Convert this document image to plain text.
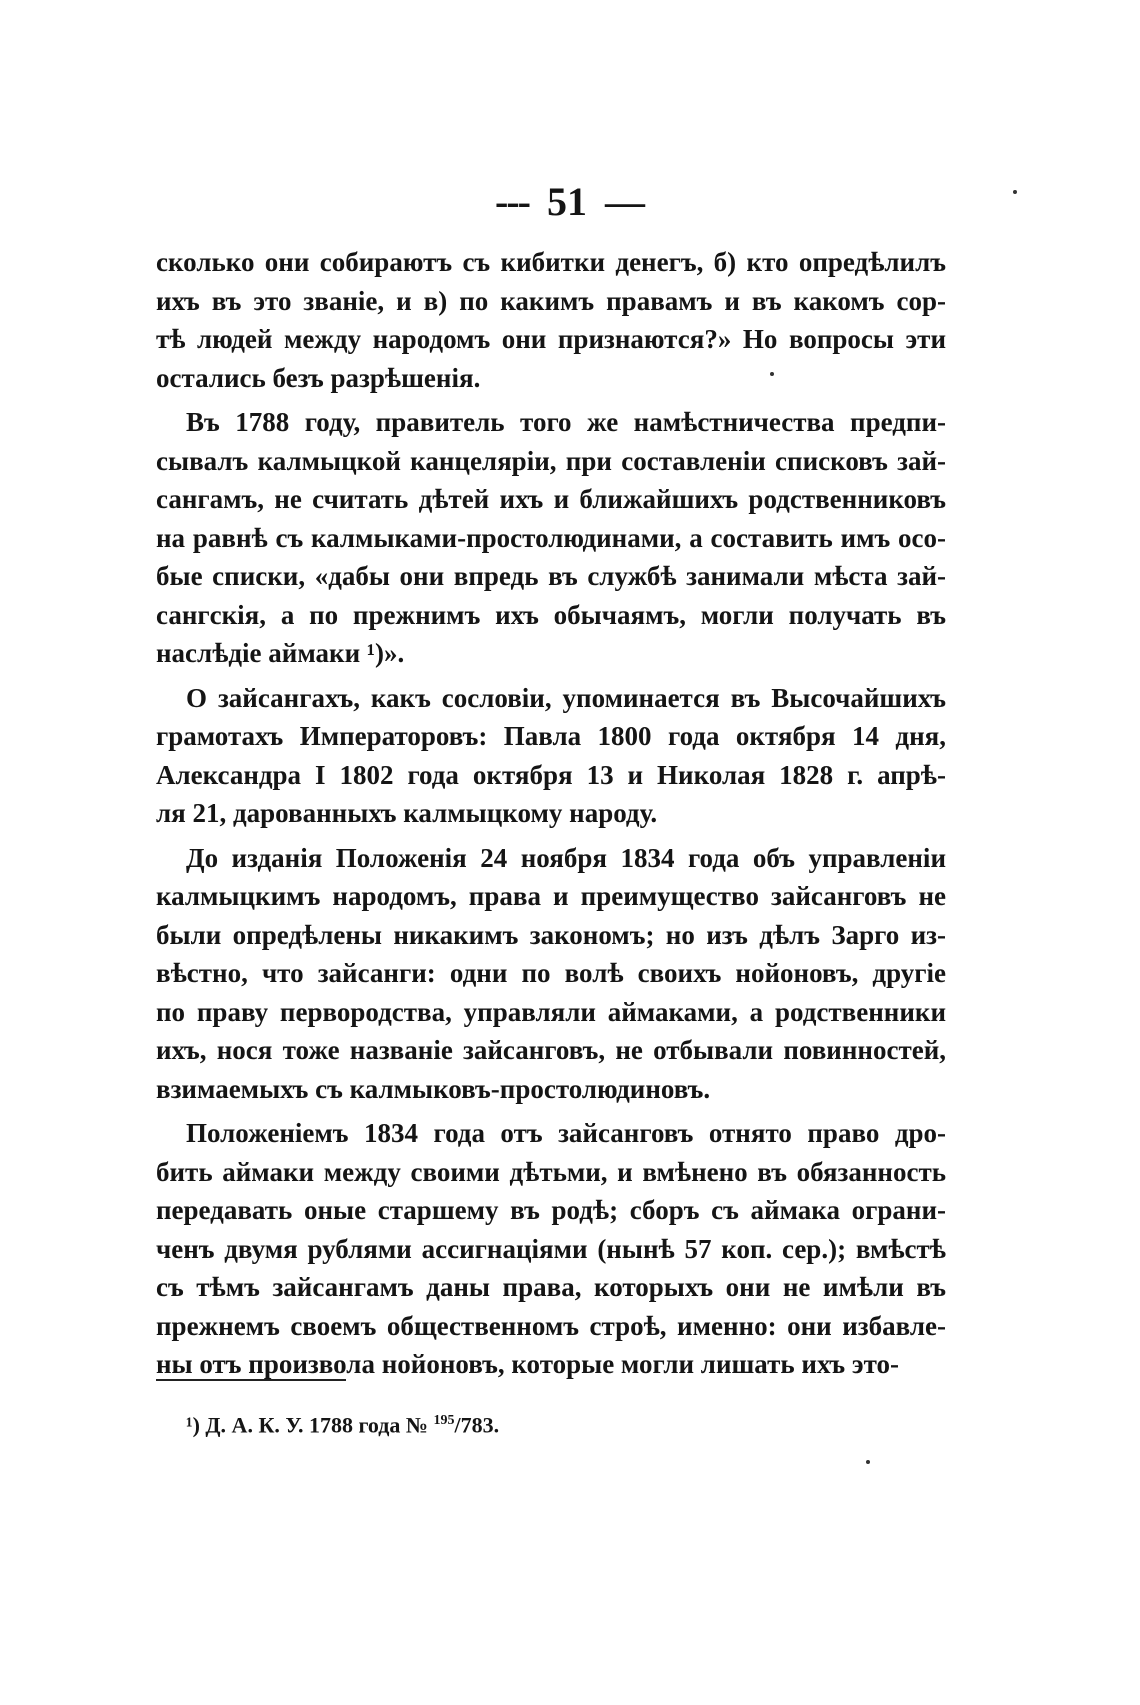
--- 51 —
сколько они собираютъ съ кибитки денегъ, б) кто опредѣлилъ
ихъ въ это званіе, и в) по какимъ правамъ и въ какомъ сор-
тѣ людей между народомъ они признаются?» Но вопросы эти
остались безъ разрѣшенія.
Въ 1788 году, правитель того же намѣстничества предпи-
сывалъ калмыцкой канцеляріи, при составленіи списковъ зай-
сангамъ, не считать дѣтей ихъ и ближайшихъ родственниковъ
на равнѣ съ калмыками-простолюдинами, а составить имъ осо-
бые списки, «дабы они впредь въ службѣ занимали мѣста зай-
сангскія, а по прежнимъ ихъ обычаямъ, могли получать въ
наслѣдіе аймаки ¹)».
О зайсангахъ, какъ сословіи, упоминается въ Высочайшихъ
грамотахъ Императоровъ: Павла 1800 года октября 14 дня,
Александра I 1802 года октября 13 и Николая 1828 г. апрѣ-
ля 21, дарованныхъ калмыцкому народу.
До изданія Положенія 24 ноября 1834 года объ управленіи
калмыцкимъ народомъ, права и преимущество зайсанговъ не
были опредѣлены никакимъ закономъ; но изъ дѣлъ Зарго из-
вѣстно, что зайсанги: одни по волѣ своихъ нойоновъ, другіе
по праву первородства, управляли аймаками, а родственники
ихъ, нося тоже названіе зайсанговъ, не отбывали повинностей,
взимаемыхъ съ калмыковъ-простолюдиновъ.
Положеніемъ 1834 года отъ зайсанговъ отнято право дро-
бить аймаки между своими дѣтьми, и вмѣнено въ обязанность
передавать оные старшему въ родѣ; сборъ съ аймака ограни-
ченъ двумя рублями ассигнаціями (нынѣ 57 коп. сер.); вмѣстѣ
съ тѣмъ зайсангамъ даны права, которыхъ они не имѣли въ
прежнемъ своемъ общественномъ строѣ, именно: они избавле-
ны отъ произвола нойоновъ, которые могли лишать ихъ это-
¹) Д. А. К. У. 1788 года № $^{195}$/783.
